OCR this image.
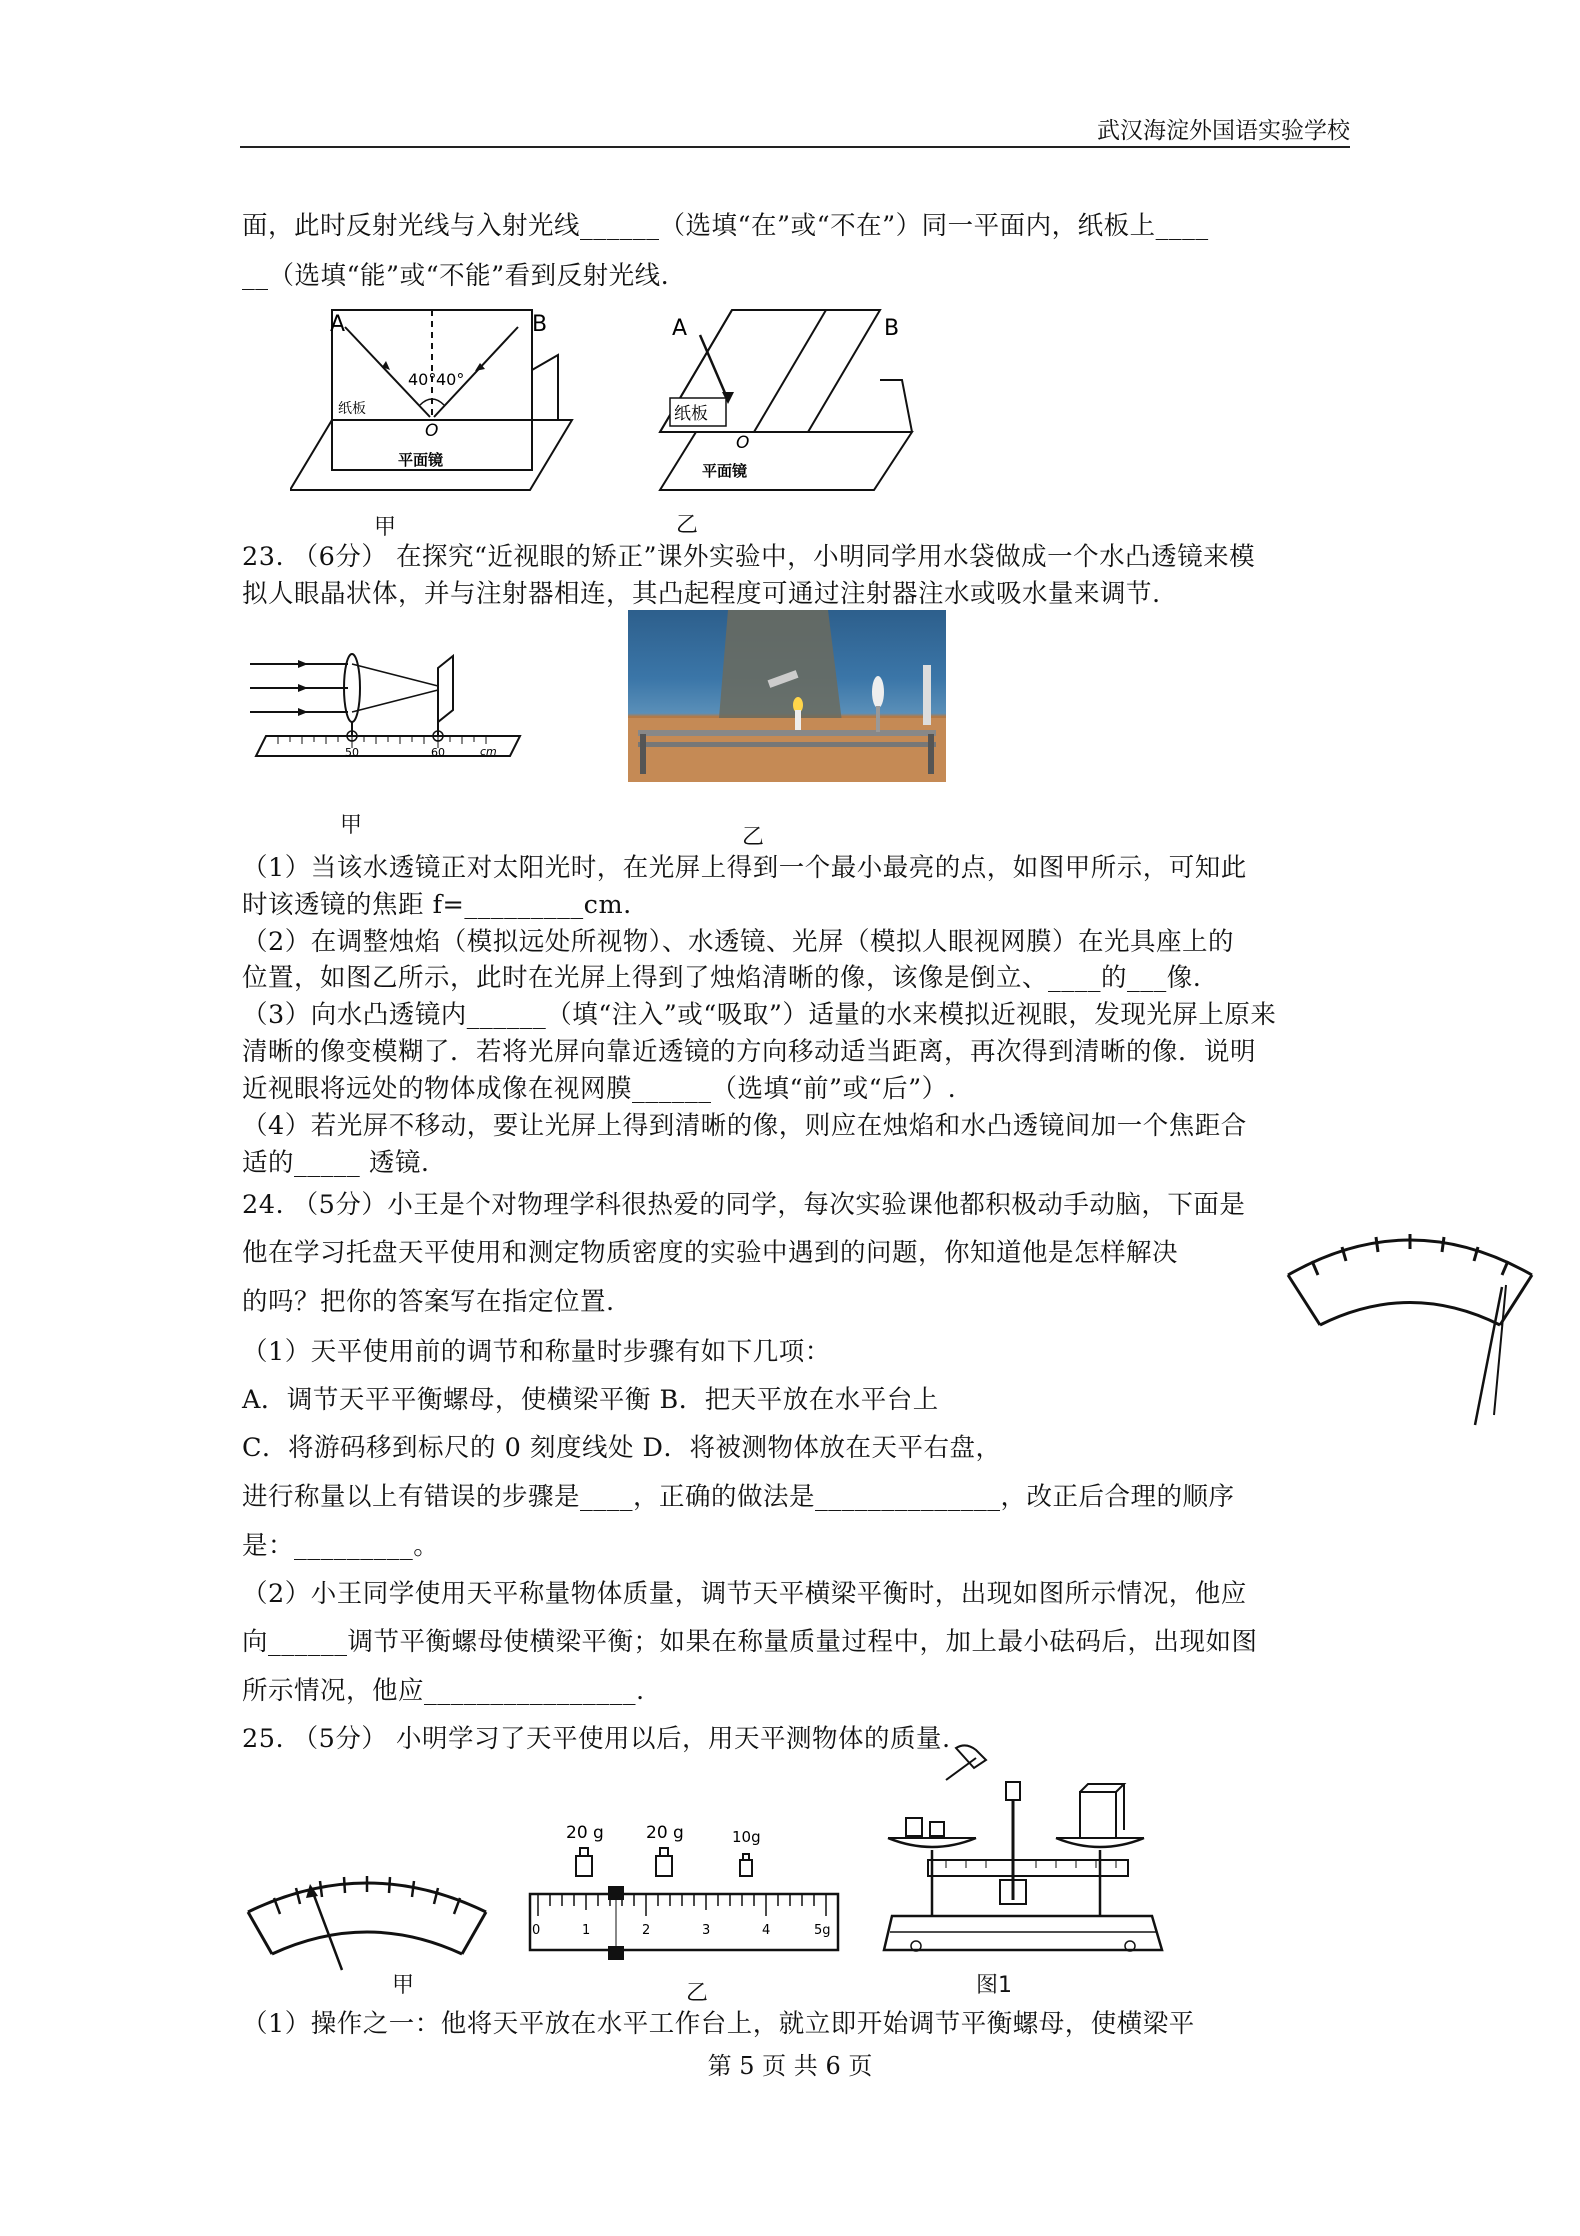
武汉海淀外国语实验学校
面，此时反射光线与入射光线______（选填“在”或“不在”）同一平面内，纸板上____
__（选填“能”或“不能”看到反射光线.
A	B
40° 40°
纸板
O
平面镜
甲
纸板
A	B
O
平面镜
乙
23. （6分） 在探究“近视眼的矫正”课外实验中，小明同学用水袋做成一个水凸透镜来模
拟人眼晶状体，并与注射器相连，其凸起程度可通过注射器注水或吸水量来调节.
50	60	cm
甲	乙
（1）当该水透镜正对太阳光时，在光屏上得到一个最小最亮的点，如图甲所示，可知此
时该透镜的焦距 f=_________cm.
（2）在调整烛焰（模拟远处所视物）、水透镜、光屏（模拟人眼视网膜）在光具座上的
位置，如图乙所示，此时在光屏上得到了烛焰清晰的像，该像是倒立、____的___像.
（3）向水凸透镜内______（填“注入”或“吸取”）适量的水来模拟近视眼，发现光屏上原来
清晰的像变模糊了．若将光屏向靠近透镜的方向移动适当距离，再次得到清晰的像．说明
近视眼将远处的物体成像在视网膜______（选填“前”或“后”）.
（4）若光屏不移动，要让光屏上得到清晰的像，则应在烛焰和水凸透镜间加一个焦距合
适的_____ 透镜.
24. （5分）小王是个对物理学科很热爱的同学，每次实验课他都积极动手动脑，下面是
他在学习托盘天平使用和测定物质密度的实验中遇到的问题，你知道他是怎样解决
的吗？把你的答案写在指定位置.
（1）天平使用前的调节和称量时步骤有如下几项：
A．调节天平平衡螺母，使横梁平衡 B．把天平放在水平台上
C．将游码移到标尺的 0 刻度线处 D．将被测物体放在天平右盘，
进行称量以上有错误的步骤是____，正确的做法是______________，改正后合理的顺序
是：_________。
（2）小王同学使用天平称量物体质量，调节天平横梁平衡时，出现如图所示情况，他应
向______调节平衡螺母使横梁平衡；如果在称量质量过程中，加上最小砝码后，出现如图
所示情况，他应________________.
25. （5分） 小明学习了天平使用以后，用天平测物体的质量.
甲
20 g 20 g	10g
0	1	2	3	4	5g
乙	图1
（1）操作之一：他将天平放在水平工作台上，就立即开始调节平衡螺母，使横梁平
第 5 页 共 6 页
